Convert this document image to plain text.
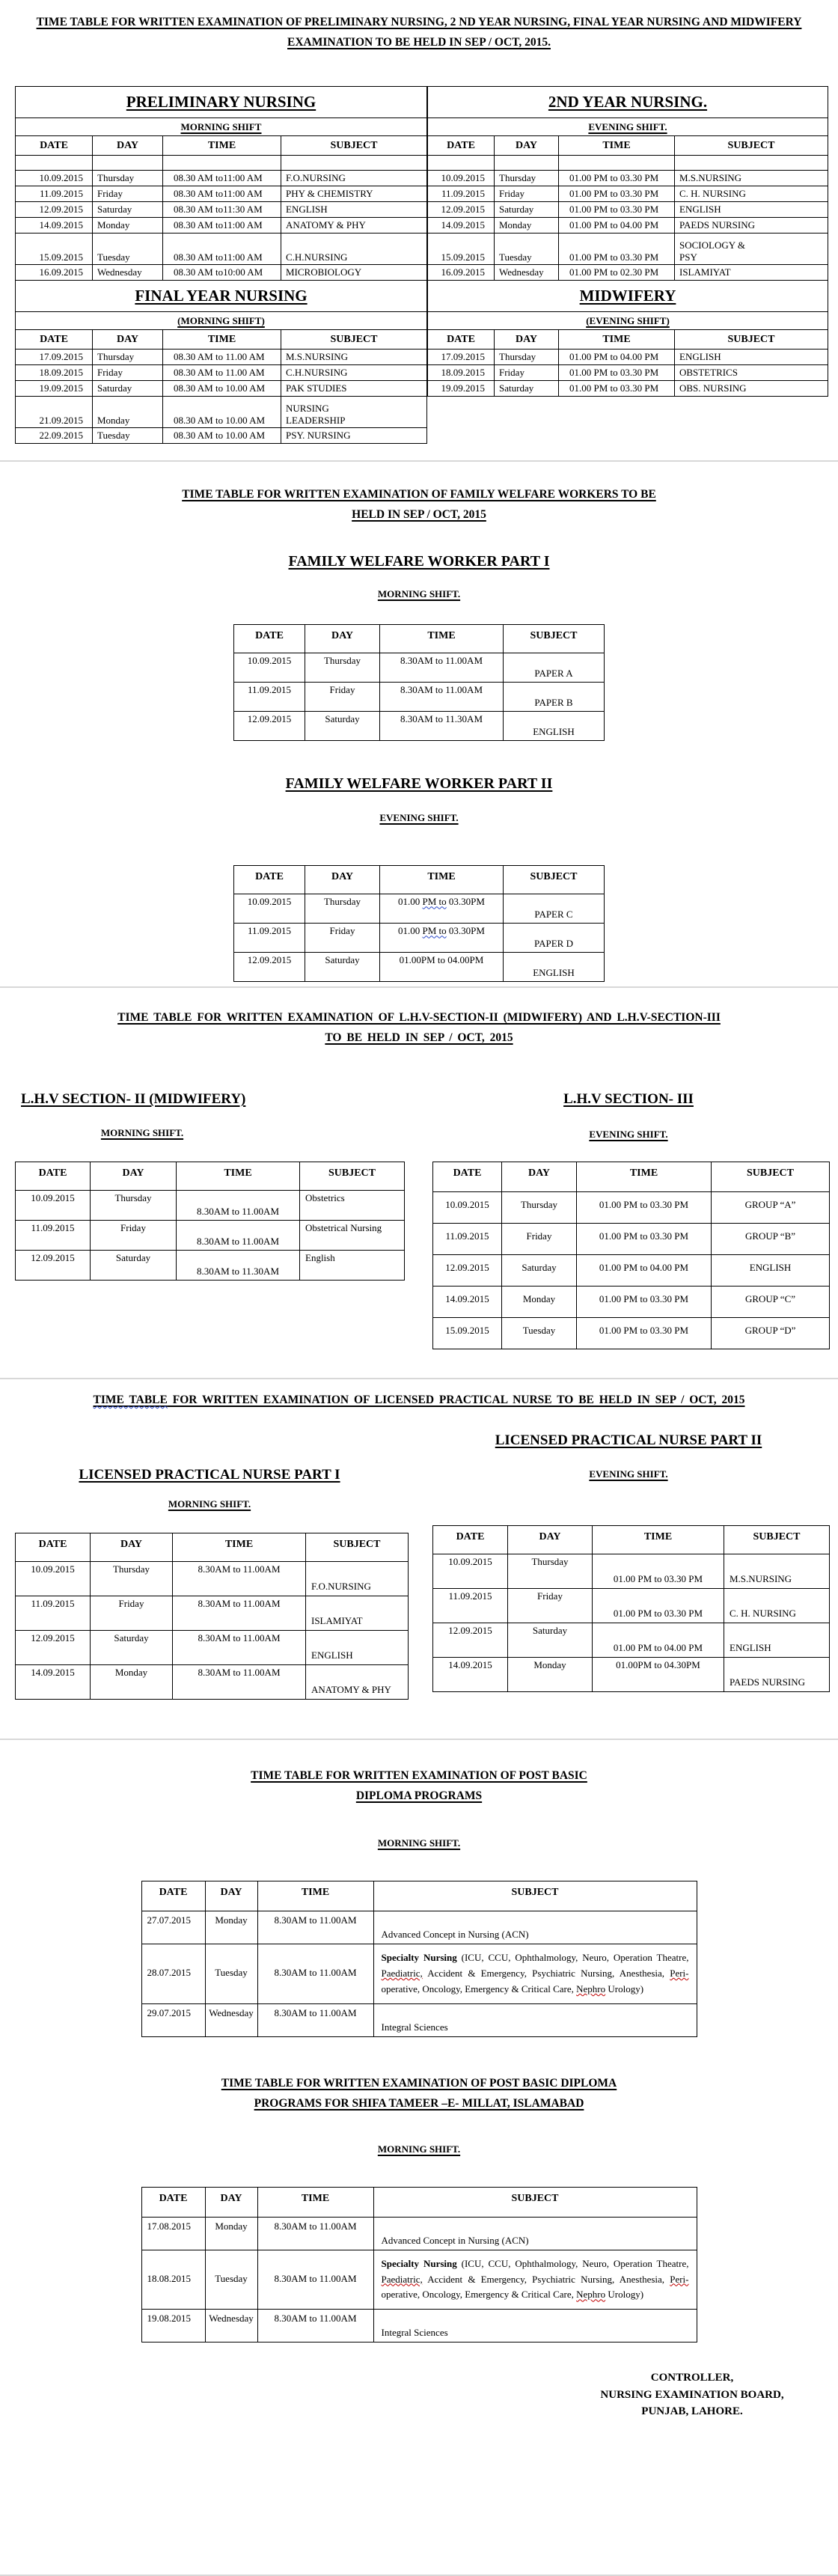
TIME TABLE FOR WRITTEN EXAMINATION OF PRELIMINARY NURSING, 2 ND YEAR NURSING, FINAL YEAR NURSING AND MIDWIFERY EXAMINATION TO BE HELD IN SEP / OCT, 2015.
PRELIMINARY NURSING			
MORNING SHIFT			
DATE	DAY	TIME	SUBJECT

10.09.2015	Thursday	08.30 AM to11:00 AM	F.O.NURSING
11.09.2015	Friday	08.30 AM to11:00 AM	PHY & CHEMISTRY
12.09.2015	Saturday	08.30 AM to11:30 AM	ENGLISH
14.09.2015	Monday	08.30 AM to11:00 AM	ANATOMY & PHY
15.09.2015	Tuesday	08.30 AM to11:00 AM	C.H.NURSING
16.09.2015	Wednesday	08.30 AM to10:00 AM	MICROBIOLOGY
FINAL YEAR NURSING			
(MORNING SHIFT)			
DATE	DAY	TIME	SUBJECT
17.09.2015	Thursday	08.30 AM to 11.00 AM	M.S.NURSING
18.09.2015	Friday	08.30 AM to 11.00 AM	C.H.NURSING
19.09.2015	Saturday	08.30 AM to 10.00 AM	PAK STUDIES
21.09.2015	Monday	08.30 AM to 10.00 AM	NURSING
LEADERSHIP
22.09.2015	Tuesday	08.30 AM to 10.00 AM	PSY. NURSING
2ND YEAR NURSING.			
EVENING SHIFT.			
DATE	DAY	TIME	SUBJECT

10.09.2015	Thursday	01.00 PM to 03.30 PM	M.S.NURSING
11.09.2015	Friday	01.00 PM to 03.30 PM	C. H. NURSING
12.09.2015	Saturday	01.00 PM to 03.30 PM	ENGLISH
14.09.2015	Monday	01.00 PM to 04.00 PM	PAEDS NURSING
15.09.2015	Tuesday	01.00 PM to 03.30 PM	SOCIOLOGY &
PSY
16.09.2015	Wednesday	01.00 PM to 02.30 PM	ISLAMIYAT
MIDWIFERY			
(EVENING SHIFT)			
DATE	DAY	TIME	SUBJECT
17.09.2015	Thursday	01.00 PM to 04.00 PM	ENGLISH
18.09.2015	Friday	01.00 PM to 03.30 PM	OBSTETRICS
19.09.2015	Saturday	01.00 PM to 03.30 PM	OBS. NURSING
TIME TABLE FOR WRITTEN EXAMINATION OF FAMILY WELFARE WORKERS TO BE HELD IN SEP / OCT, 2015
FAMILY WELFARE WORKER PART I
MORNING SHIFT.
DATE	DAY	TIME	SUBJECT
10.09.2015	Thursday	8.30AM to 11.00AM	PAPER A
11.09.2015	Friday	8.30AM to 11.00AM	PAPER B
12.09.2015	Saturday	8.30AM to 11.30AM	ENGLISH
FAMILY WELFARE WORKER PART II
EVENING SHIFT.
DATE	DAY	TIME	SUBJECT
10.09.2015	Thursday	01.00 PM to 03.30PM	PAPER C
11.09.2015	Friday	01.00 PM to 03.30PM	PAPER D
12.09.2015	Saturday	01.00PM to 04.00PM	ENGLISH
TIME TABLE FOR WRITTEN EXAMINATION OF L.H.V-SECTION-II (MIDWIFERY) AND L.H.V-SECTION-III TO BE HELD IN SEP / OCT, 2015
L.H.V SECTION- II (MIDWIFERY)
MORNING SHIFT.
DATE	DAY	TIME	SUBJECT
10.09.2015	Thursday	8.30AM to 11.00AM	Obstetrics
11.09.2015	Friday	8.30AM to 11.00AM	Obstetrical Nursing
12.09.2015	Saturday	8.30AM to 11.30AM	English
L.H.V SECTION- III
EVENING SHIFT.
DATE	DAY	TIME	SUBJECT
10.09.2015	Thursday	01.00 PM to 03.30 PM	GROUP “A”
11.09.2015	Friday	01.00 PM to 03.30 PM	GROUP “B”
12.09.2015	Saturday	01.00 PM to 04.00 PM	ENGLISH
14.09.2015	Monday	01.00 PM to 03.30 PM	GROUP “C”
15.09.2015	Tuesday	01.00 PM to 03.30 PM	GROUP “D”
TIME TABLE FOR WRITTEN EXAMINATION OF LICENSED PRACTICAL NURSE TO BE HELD IN SEP / OCT, 2015
LICENSED PRACTICAL NURSE PART I
MORNING SHIFT.
DATE	DAY	TIME	SUBJECT
10.09.2015	Thursday	8.30AM to 11.00AM	F.O.NURSING
11.09.2015	Friday	8.30AM to 11.00AM	ISLAMIYAT
12.09.2015	Saturday	8.30AM to 11.00AM	ENGLISH
14.09.2015	Monday	8.30AM to 11.00AM	ANATOMY & PHY
LICENSED PRACTICAL NURSE PART II
EVENING SHIFT.
DATE	DAY	TIME	SUBJECT
10.09.2015	Thursday	01.00 PM to 03.30 PM	M.S.NURSING
11.09.2015	Friday	01.00 PM to 03.30 PM	C. H. NURSING
12.09.2015	Saturday	01.00 PM to 04.00 PM	ENGLISH
14.09.2015	Monday	01.00PM to 04.30PM	PAEDS NURSING
TIME TABLE FOR WRITTEN EXAMINATION OF POST BASIC DIPLOMA PROGRAMS
MORNING SHIFT.
DATE	DAY	TIME	SUBJECT
27.07.2015	Monday	8.30AM to 11.00AM	Advanced Concept in Nursing (ACN)
28.07.2015	Tuesday	8.30AM to 11.00AM	Specialty Nursing (ICU, CCU, Ophthalmology, Neuro, Operation Theatre, Paediatric, Accident & Emergency, Psychiatric Nursing, Anesthesia, Peri-operative, Oncology, Emergency & Critical Care, Nephro Urology)
29.07.2015	Wednesday	8.30AM to 11.00AM	Integral Sciences
TIME TABLE FOR WRITTEN EXAMINATION OF POST BASIC DIPLOMA PROGRAMS FOR SHIFA TAMEER –E- MILLAT, ISLAMABAD
MORNING SHIFT.
DATE	DAY	TIME	SUBJECT
17.08.2015	Monday	8.30AM to 11.00AM	Advanced Concept in Nursing (ACN)
18.08.2015	Tuesday	8.30AM to 11.00AM	Specialty Nursing (ICU, CCU, Ophthalmology, Neuro, Operation Theatre, Paediatric, Accident & Emergency, Psychiatric Nursing, Anesthesia, Peri-operative, Oncology, Emergency & Critical Care, Nephro Urology)
19.08.2015	Wednesday	8.30AM to 11.00AM	Integral Sciences
CONTROLLER,
NURSING EXAMINATION BOARD,
PUNJAB, LAHORE.
